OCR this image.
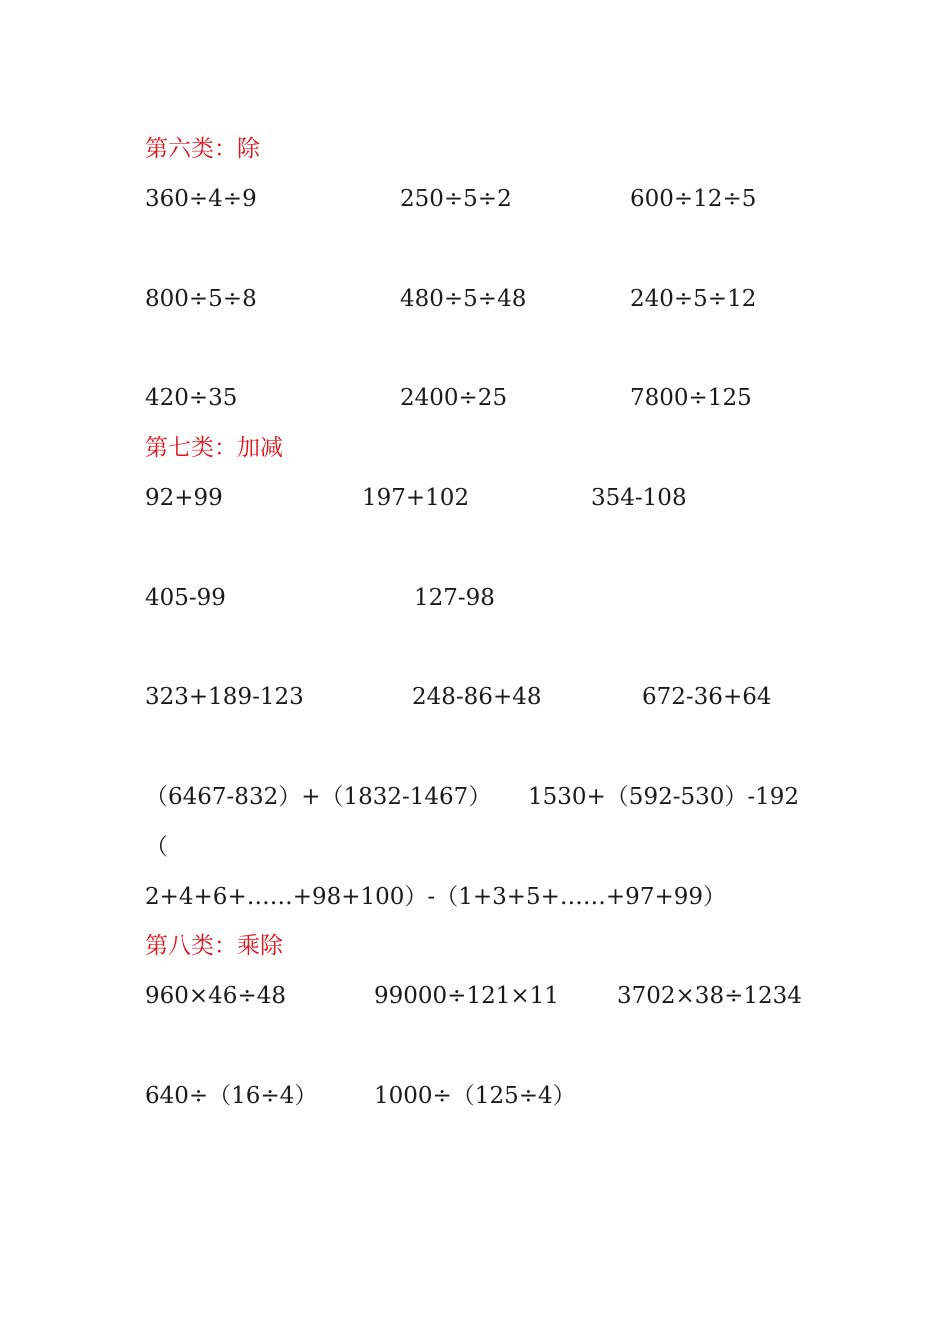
第六类：除
360÷4÷9	250÷5÷2	600÷12÷5
800÷5÷8	480÷5÷48	240÷5÷12
420÷35	2400÷25	7800÷125
第七类：加减
92+99	197+102	354-108
405-99	127-98
323+189-123	248-86+48	672-36+64
（6467-832）+（1832-1467） 1530+（592-530）-192
（
2+4+6+……+98+100）-（1+3+5+……+97+99）
第八类：乘除
960×46÷48	99000÷121×11	3702×38÷1234
640÷（16÷4） 1000÷（125÷4）
